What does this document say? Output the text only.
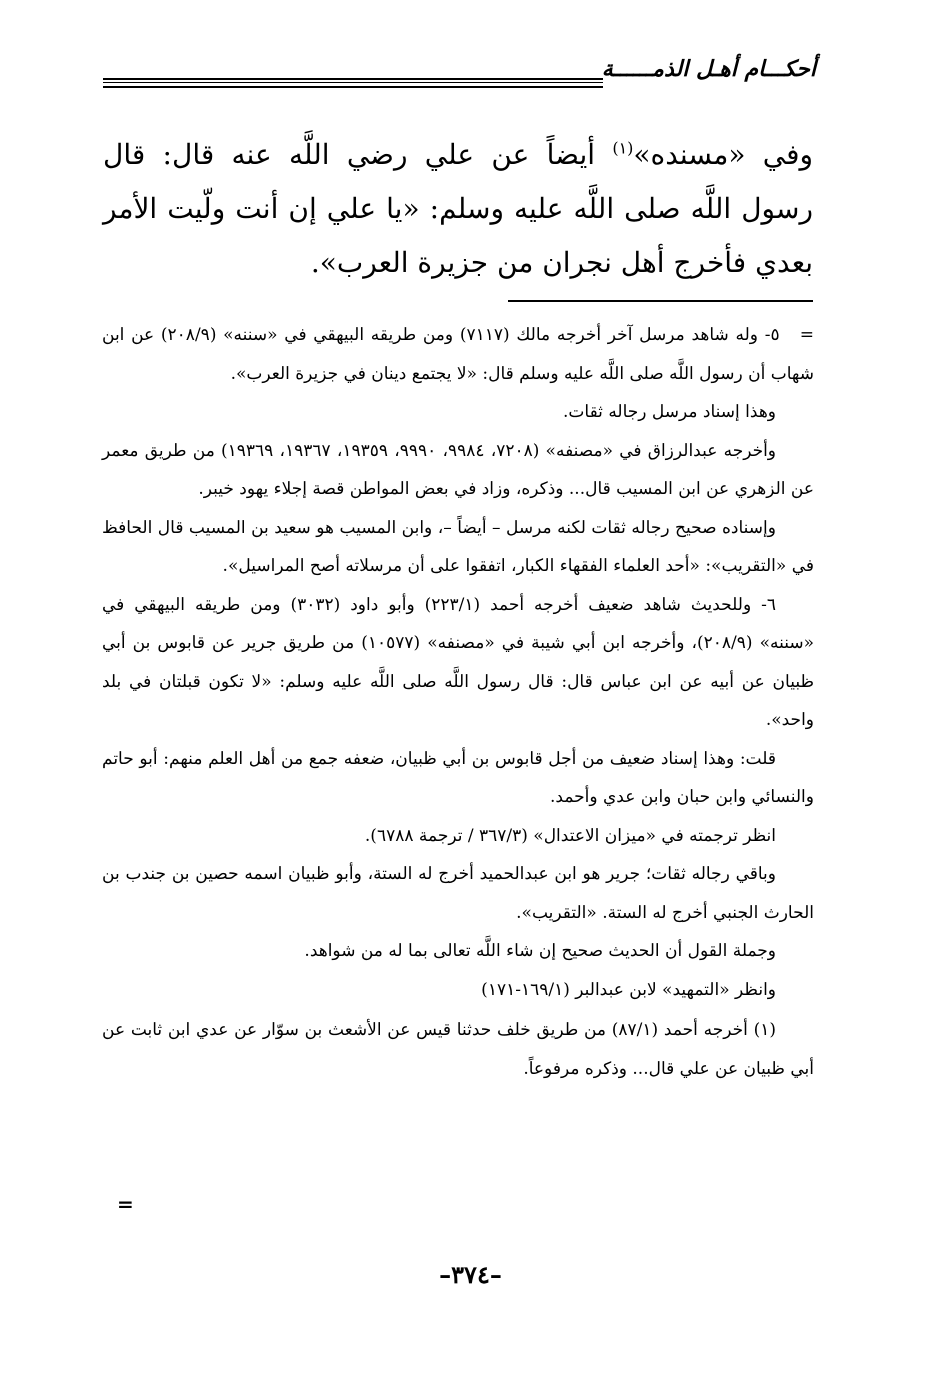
أحكـــام أهـل الذمــــــة
وفي «مسنده»$^{(١)}$ أيضاً عن علي رضي اللَّه عنه قال: قال رسول اللَّه صلى اللَّه عليه وسلم: «يا علي إن أنت ولّيت الأمر بعدي فأخرج أهل نجران من جزيرة العرب».

=   ٥- وله شاهد مرسل آخر أخرجه مالك (٧١١٧) ومن طريقه البيهقي في «سننه» (٢٠٨/٩) عن ابن شهاب أن رسول اللَّه صلى اللَّه عليه وسلم قال: «لا يجتمع دينان في جزيرة العرب».

وهذا إسناد مرسل رجاله ثقات.

وأخرجه عبدالرزاق في «مصنفه» (٧٢٠٨، ٩٩٨٤، ٩٩٩٠، ١٩٣٥٩، ١٩٣٦٧، ١٩٣٦٩) من طريق معمر عن الزهري عن ابن المسيب قال... وذكره، وزاد في بعض المواطن قصة إجلاء يهود خيبر.

وإسناده صحيح رجاله ثقات لكنه مرسل – أيضاً –، وابن المسيب هو سعيد بن المسيب قال الحافظ في «التقريب»: «أحد العلماء الفقهاء الكبار، اتفقوا على أن مرسلاته أصح المراسيل».

٦- وللحديث شاهد ضعيف أخرجه أحمد (٢٢٣/١) وأبو داود (٣٠٣٢) ومن طريقه البيهقي في «سننه» (٢٠٨/٩)، وأخرجه ابن أبي شيبة في «مصنفه» (١٠٥٧٧) من طريق جرير عن قابوس بن أبي ظبيان عن أبيه عن ابن عباس قال: قال رسول اللَّه صلى اللَّه عليه وسلم: «لا تكون قبلتان في بلد واحد».

قلت: وهذا إسناد ضعيف من أجل قابوس بن أبي ظبيان، ضعفه جمع من أهل العلم منهم: أبو حاتم والنسائي وابن حبان وابن عدي وأحمد.

انظر ترجمته في «ميزان الاعتدال» (٣٦٧/٣ / ترجمة ٦٧٨٨).

وباقي رجاله ثقات؛ جرير هو ابن عبدالحميد أخرج له الستة، وأبو ظبيان اسمه حصين بن جندب بن الحارث الجنبي أخرج له الستة. «التقريب».

وجملة القول أن الحديث صحيح إن شاء اللَّه تعالى بما له من شواهد.

وانظر «التمهيد» لابن عبدالبر (١٦٩/١-١٧١)

(١) أخرجه أحمد (٨٧/١) من طريق خلف حدثنا قيس عن الأشعث بن سوّار عن عدي ابن ثابت عن أبي ظبيان عن علي قال... وذكره مرفوعاً.

=
–٣٧٤–
